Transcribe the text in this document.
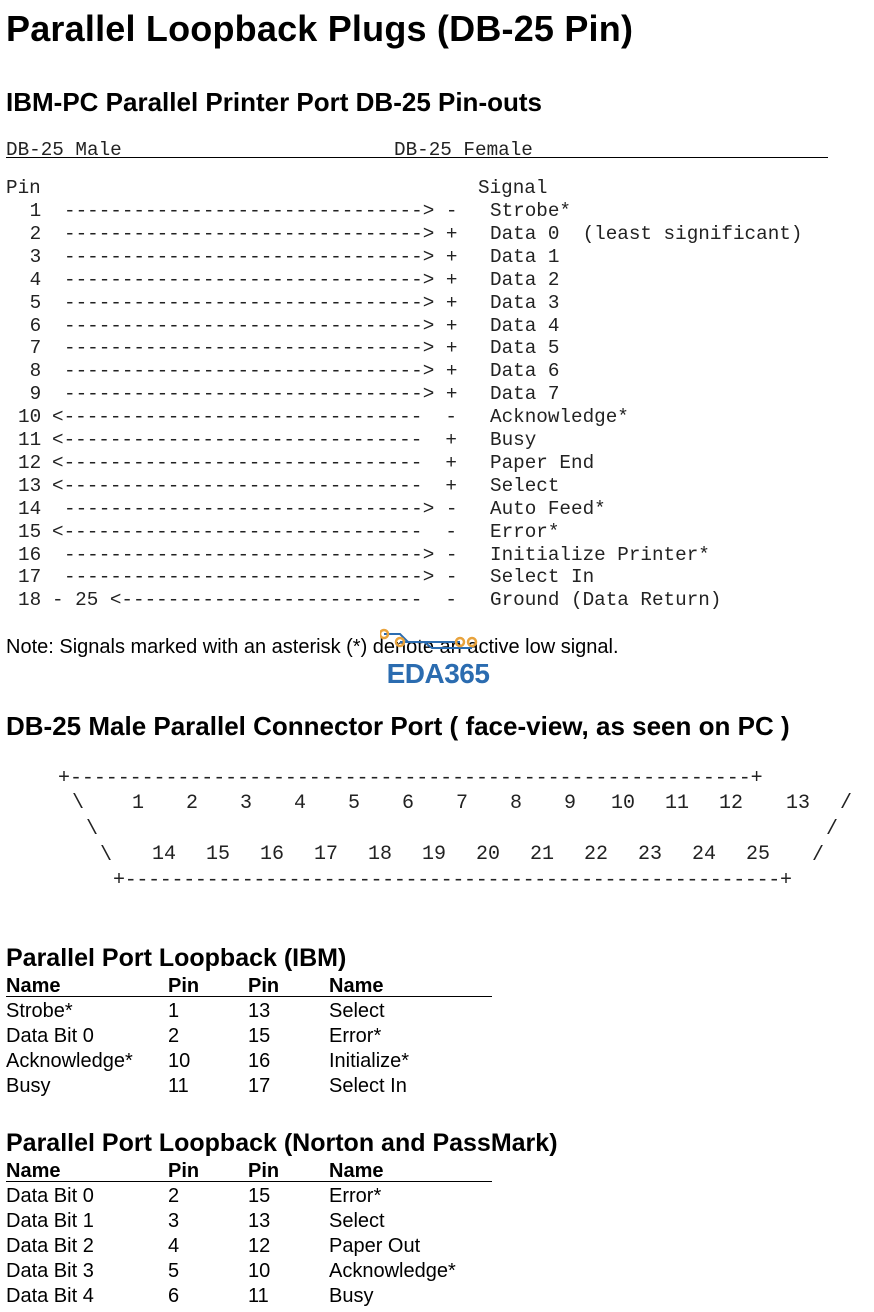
Parallel Loopback Plugs (DB-25 Pin)
IBM-PC Parallel Printer Port DB-25 Pin-outs
DB-25 Male	DB-25 Female
Pin	Signal
1	-------------------------------> - Strobe*
2	-------------------------------> + Data 0  (least significant)
3	-------------------------------> + Data 1
4	-------------------------------> + Data 2
5	-------------------------------> + Data 3
6	-------------------------------> + Data 4
7	-------------------------------> + Data 5
8	-------------------------------> + Data 6
9	-------------------------------> + Data 7
10 <-------------------------------  - Acknowledge*
11 <-------------------------------  + Busy
12 <-------------------------------  + Paper End
13 <-------------------------------  + Select
14	-------------------------------> - Auto Feed*
15 <-------------------------------  - Error*
16	-------------------------------> - Initialize Printer*
17	-------------------------------> - Select In
18 - 25 <--------------------------  - Ground (Data Return)
Note: Signals marked with an asterisk (*) denote an active low signal.
EDA365
DB-25 Male Parallel Connector Port ( face-view, as seen on PC )
+---------------------------------------------------------+
\	/
\	/
\	/
1 2 3 4 5 6 7 8 9 10 11 12 13
14 15 16 17 18 19 20 21 22 23 24 25
+--------------------------------------------------------+
Parallel Port Loopback (IBM)
Name	Pin Pin Name
Strobe*	1	13	Select
Data Bit 0	2	15	Error*
Acknowledge* 10	16	Initialize*
Busy	11	17	Select In
Parallel Port Loopback (Norton and PassMark)
Name	Pin Pin Name
Data Bit 0	2	15	Error*
Data Bit 1	3	13	Select
Data Bit 2	4	12	Paper Out
Data Bit 3	5	10	Acknowledge*
Data Bit 4	6	11	Busy
